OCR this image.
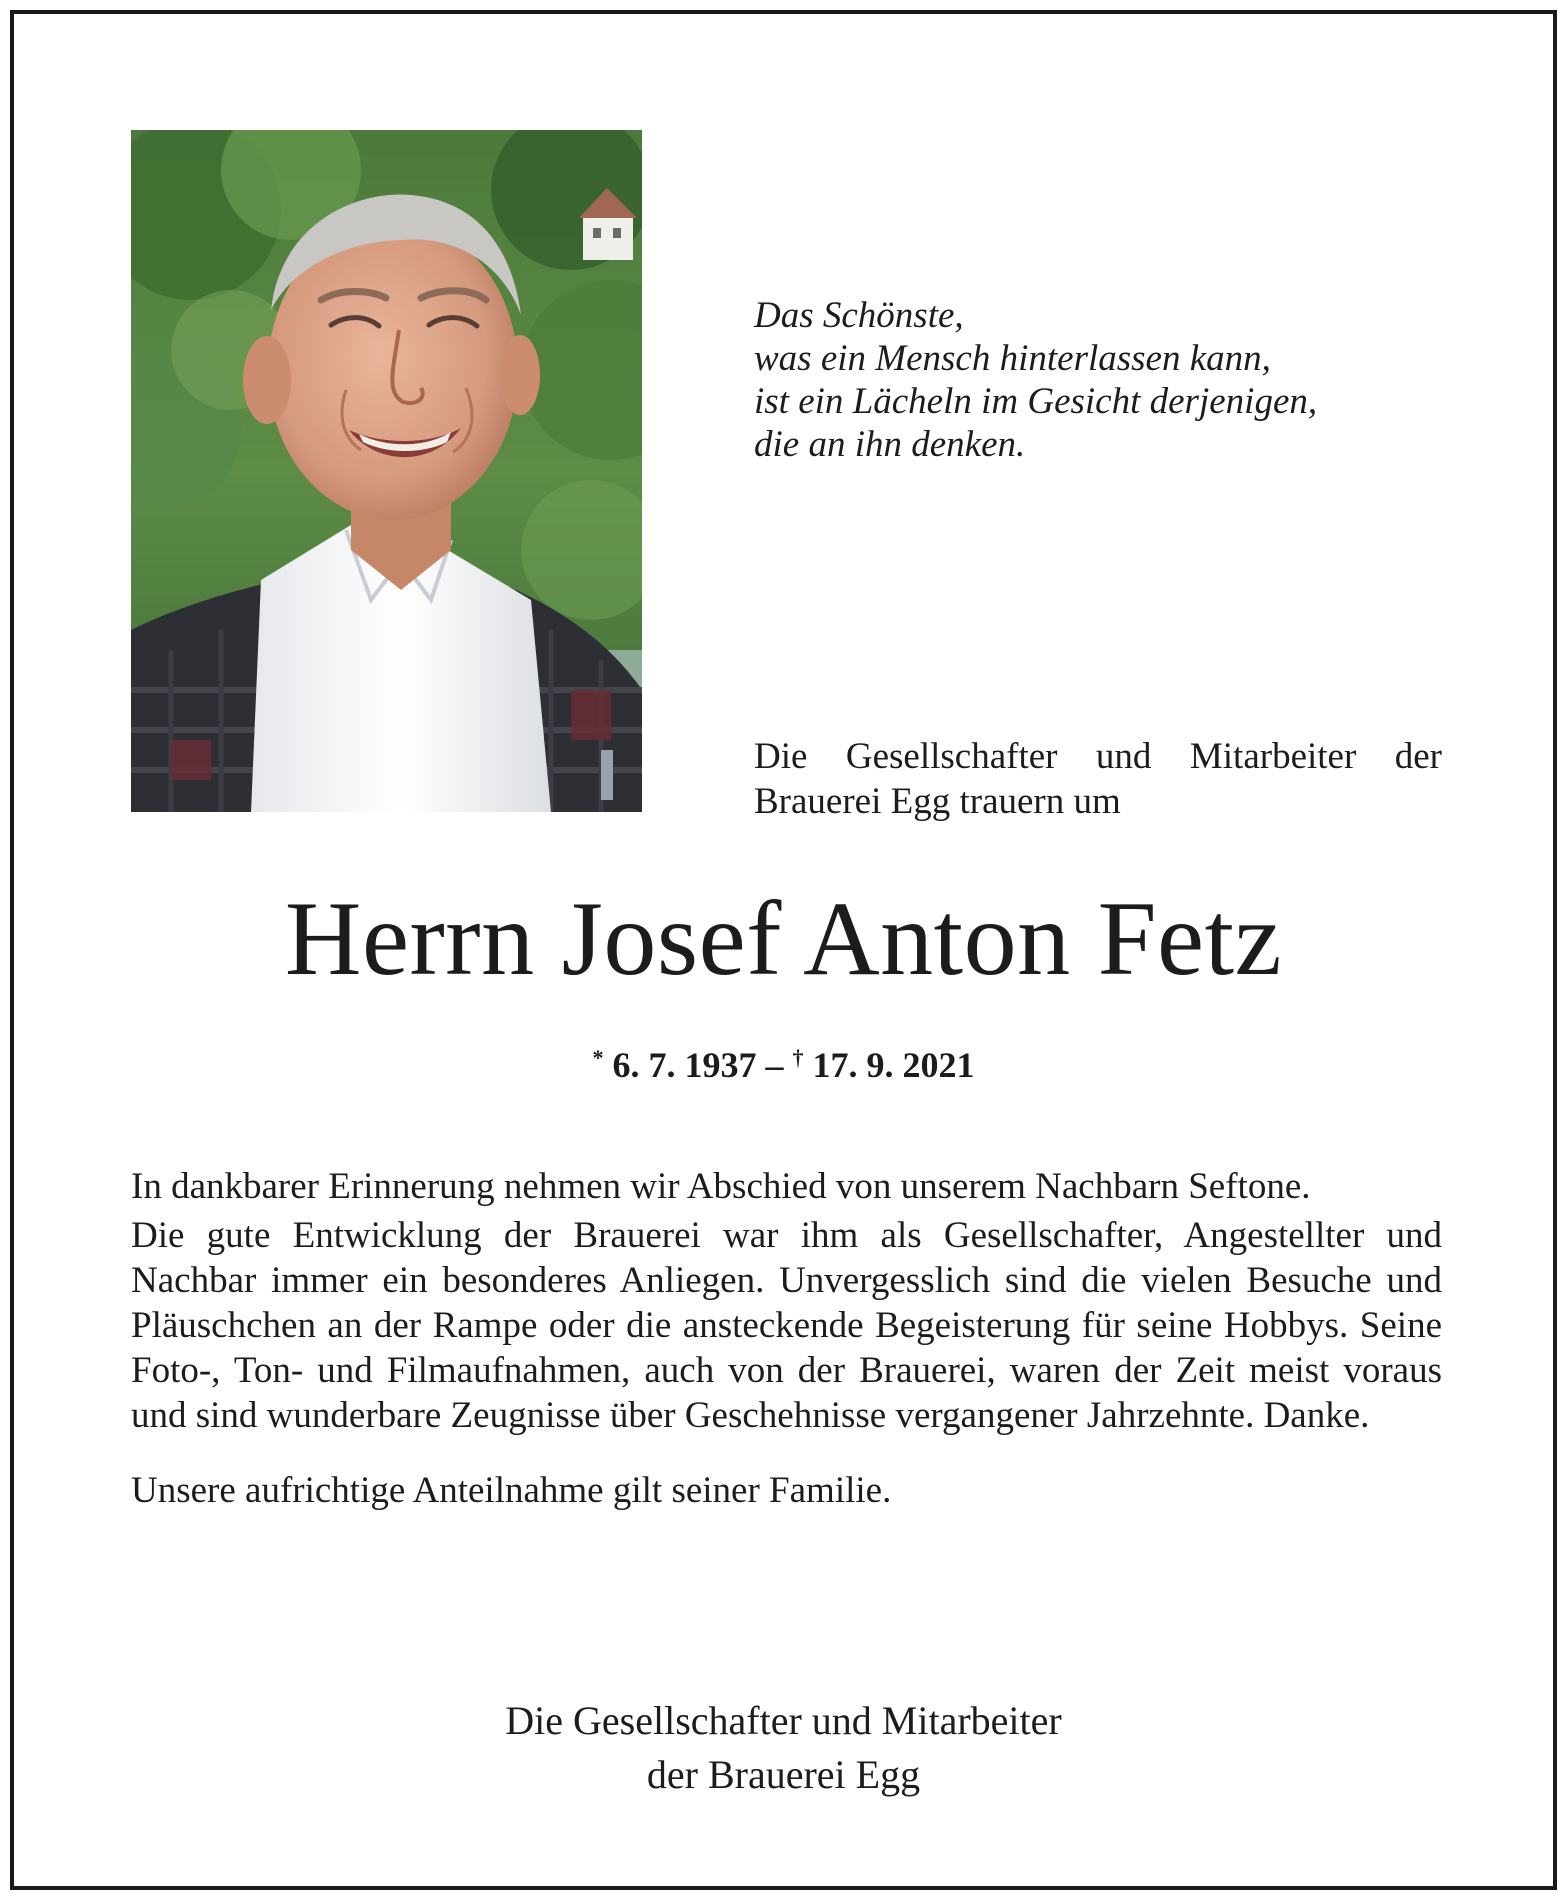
Das Schönste,
was ein Mensch hinterlassen kann,
ist ein Lächeln im Gesicht derjenigen,
die an ihn denken.
Die Gesellschafter und Mitarbeiter der
Brauerei Egg trauern um
Herrn Josef Anton Fetz
* 6. 7. 1937 – † 17. 9. 2021

In dankbarer Erinnerung nehmen wir Abschied von unserem Nachbarn Seftone.

Die gute Entwicklung der Brauerei war ihm als Gesellschafter, Angestellter und Nachbar immer ein besonderes Anliegen. Unvergesslich sind die vielen Besuche und Pläuschchen an der Rampe oder die ansteckende Begeisterung für seine Hobbys. Seine Foto-, Ton- und Filmaufnahmen, auch von der Brauerei, waren der Zeit meist voraus und sind wunderbare Zeugnisse über Geschehnisse vergangener Jahrzehnte. Danke.

Unsere aufrichtige Anteilnahme gilt seiner Familie.

Die Gesellschafter und Mitarbeiter
der Brauerei Egg
